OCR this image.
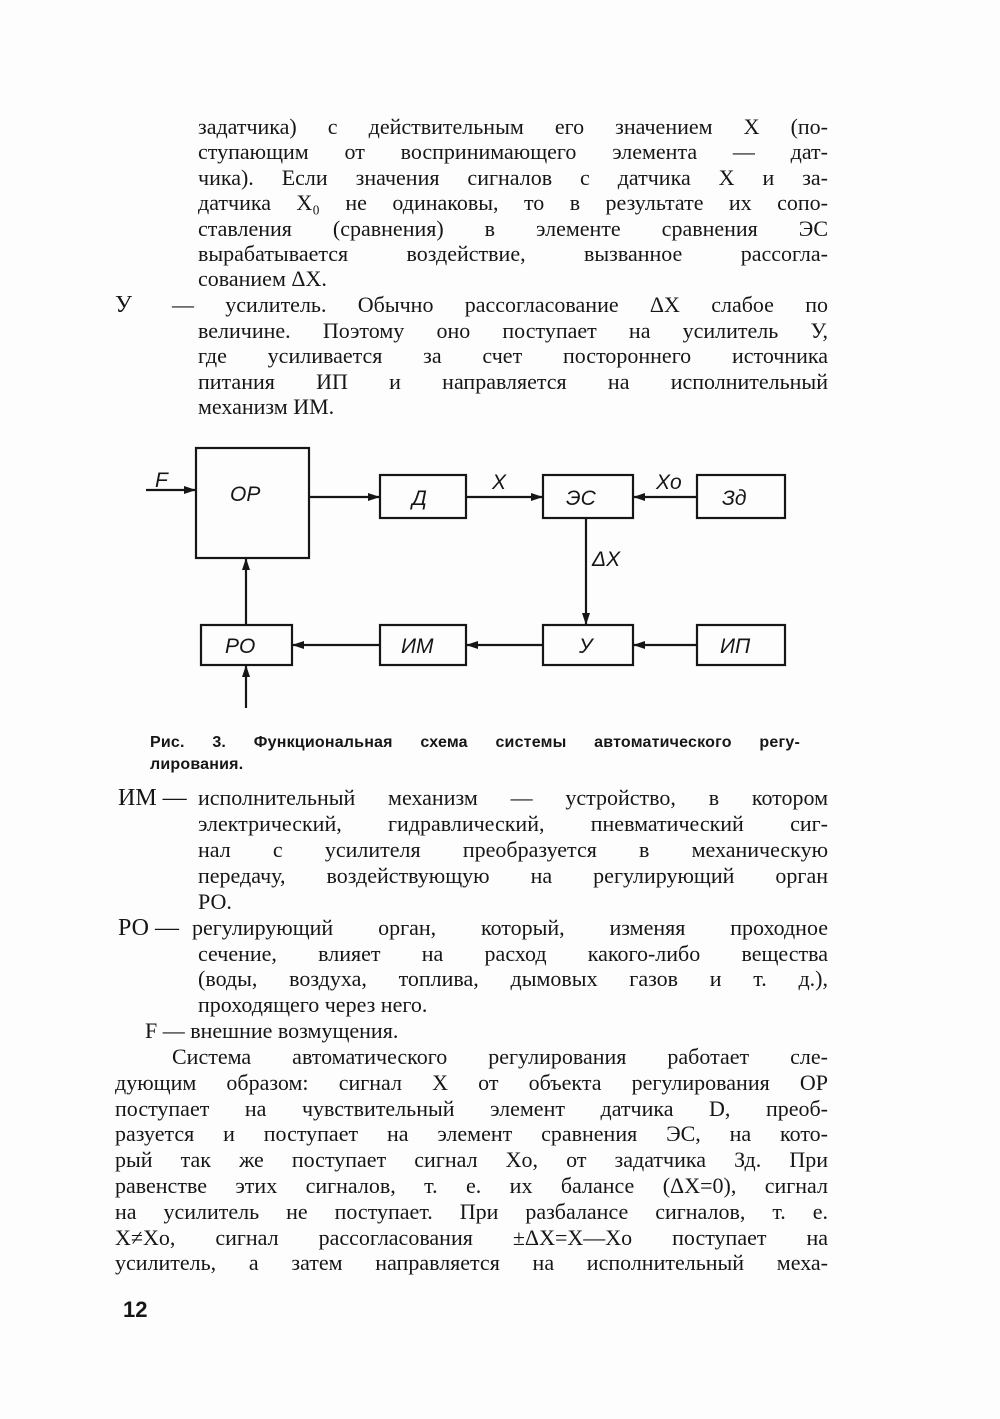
задатчика) с действительным его значением X (по-
ступающим от воспринимающего элемента — дат-
чика). Если значения сигналов с датчика X и за-
датчика X₀ не одинаковы, то в результате их сопо-
ставления (сравнения) в элементе сравнения ЭС
вырабатывается воздействие, вызванное рассогла-
сованием ΔX.
— усилитель. Обычно рассогласование ΔX слабое по
величине. Поэтому оно поступает на усилитель У,
где усиливается за счет постороннего источника
питания ИП и направляется на исполнительный
механизм ИМ.
Рис. 3. Функциональная схема системы автоматического регу-
лирования.
исполнительный механизм — устройство, в котором
электрический, гидравлический, пневматический сиг-
нал с усилителя преобразуется в механическую
передачу, воздействующую на регулирующий орган
РО.
регулирующий орган, который, изменяя проходное
сечение, влияет на расход какого-либо вещества
(воды, воздуха, топлива, дымовых газов и т. д.),
проходящего через него.
F — внешние возмущения.
Система автоматического регулирования работает сле-
дующим образом: сигнал X от объекта регулирования ОР
поступает на чувствительный элемент датчика D, преоб-
разуется и поступает на элемент сравнения ЭС, на кото-
рый так же поступает сигнал Xo, от задатчика Зд. При
равенстве этих сигналов, т. е. их балансе (ΔX=0), сигнал
на усилитель не поступает. При разбалансе сигналов, т. е.
X≠Xo, сигнал рассогласования ±ΔX=X—Xo поступает на
усилитель, а затем направляется на исполнительный меха-
У
ИМ —
РО —
ОР	Д	ЭС	Зд
РО	ИМ	У	ИП
F	X	Xo
ΔX
12
